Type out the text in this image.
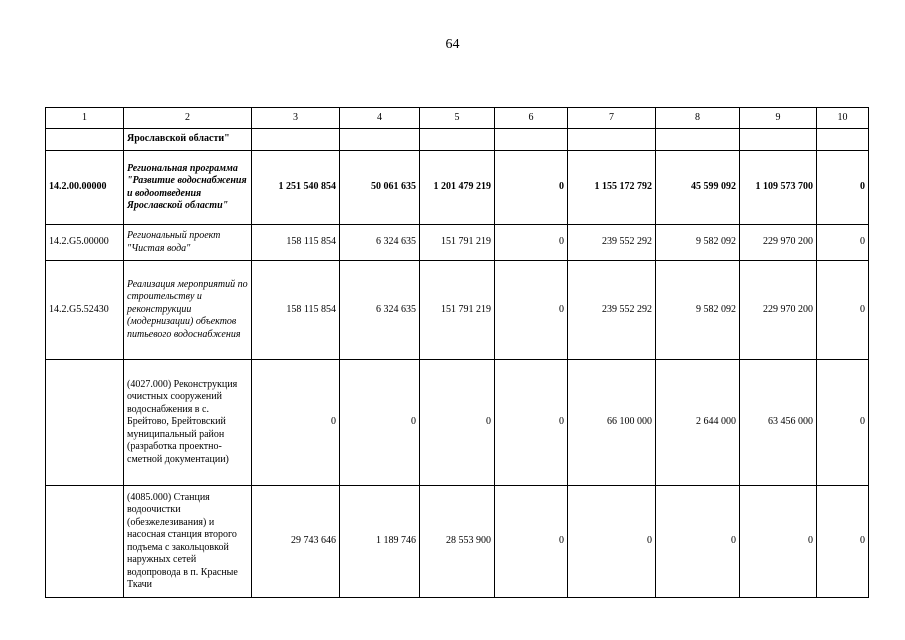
64
1	2	3	4	5	6	7	8	9	10
	Ярославской области"								
14.2.00.00000	Региональная программа "Развитие водоснабжения и водоотведения Ярославской области"	1 251 540 854	50 061 635	1 201 479 219	0	1 155 172 792	45 599 092	1 109 573 700	0
14.2.G5.00000	Региональный проект "Чистая вода"	158 115 854	6 324 635	151 791 219	0	239 552 292	9 582 092	229 970 200	0
14.2.G5.52430	Реализация мероприятий по строительству и реконструкции (модернизации) объектов питьевого водоснабжения	158 115 854	6 324 635	151 791 219	0	239 552 292	9 582 092	229 970 200	0
	(4027.000) Реконструкция очистных сооружений водоснабжения в с. Брейтово, Брейтовский муниципальный район (разработка проектно-сметной документации)	0	0	0	0	66 100 000	2 644 000	63 456 000	0
	(4085.000) Станция водоочистки (обезжелезивания) и насосная станция второго подъема с закольцовкой наружных сетей водопровода в п. Красные Ткачи	29 743 646	1 189 746	28 553 900	0	0	0	0	0
